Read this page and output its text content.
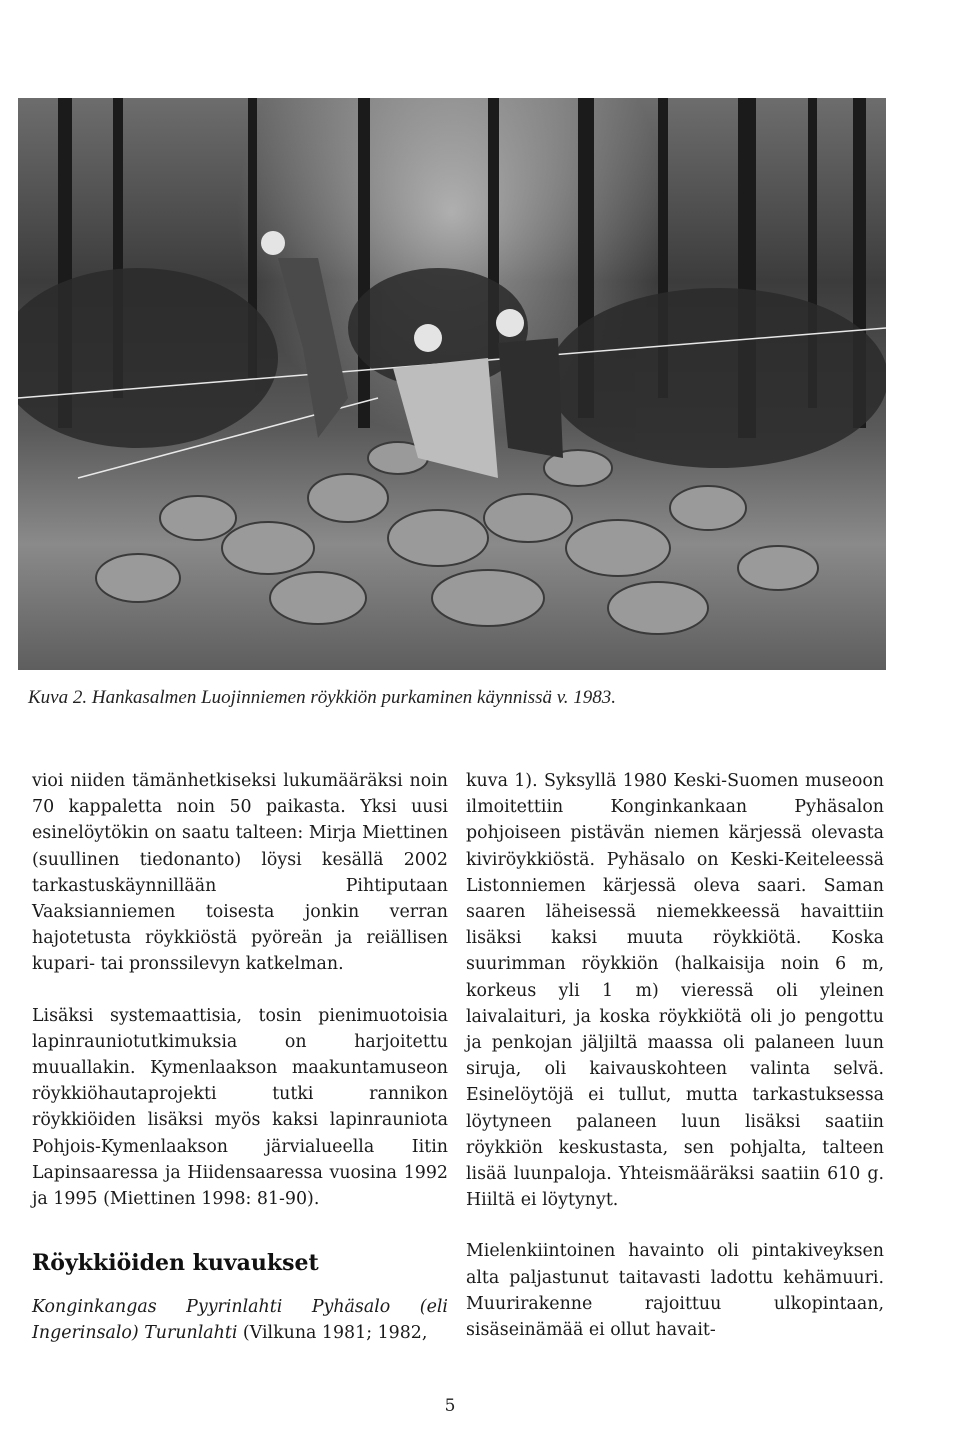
Kuva 2. Hankasalmen Luojinniemen röykkiön purkaminen käynnissä v. 1983.

vioi niiden tämänhetkiseksi lukumääräksi noin 70 kappaletta noin 50 paikasta. Yksi uusi esinelöytökin on saatu talteen: Mirja Miettinen (suullinen tiedonanto) löysi kesällä 2002 tarkastuskäynnillään Pihtiputaan Vaaksianniemen toisesta jonkin verran hajotetusta röykkiöstä pyöreän ja reiällisen kupari- tai pronssilevyn katkelman.

Lisäksi systemaattisia, tosin pienimuotoisia lapinrauniotutkimuksia on harjoitettu muuallakin. Kymenlaakson maakuntamuseon röykkiöhautaprojekti tutki rannikon röykkiöiden lisäksi myös kaksi lapinrauniota Pohjois-Kymenlaakson järvialueella Iitin Lapinsaaressa ja Hiidensaaressa vuosina 1992 ja 1995 (Miettinen 1998: 81-90).

Röykkiöiden kuvaukset

Konginkangas Pyyrinlahti Pyhäsalo (eli Ingerinsalo) Turunlahti (Vilkuna 1981; 1982,

kuva 1). Syksyllä 1980 Keski-Suomen museoon ilmoitettiin Konginkankaan Pyhäsalon pohjoiseen pistävän niemen kärjessä olevasta kiviröykkiöstä. Pyhäsalo on Keski-Keiteleessä Listonniemen kärjessä oleva saari. Saman saaren läheisessä niemekkeessä havaittiin lisäksi kaksi muuta röykkiötä. Koska suurimman röykkiön (halkaisija noin 6 m, korkeus yli 1 m) vieressä oli yleinen laivalaituri, ja koska röykkiötä oli jo pengottu ja penkojan jäljiltä maassa oli palaneen luun siruja, oli kaivauskohteen valinta selvä. Esinelöytöjä ei tullut, mutta tarkastuksessa löytyneen palaneen luun lisäksi saatiin röykkiön keskustasta, sen pohjalta, talteen lisää luunpaloja. Yhteismääräksi saatiin 610 g. Hiiltä ei löytynyt.

Mielenkiintoinen havainto oli pintakiveyksen alta paljastunut taitavasti ladottu kehämuuri. Muurirakenne rajoittuu ulkopintaan, sisäseinämää ei ollut havait-

5
